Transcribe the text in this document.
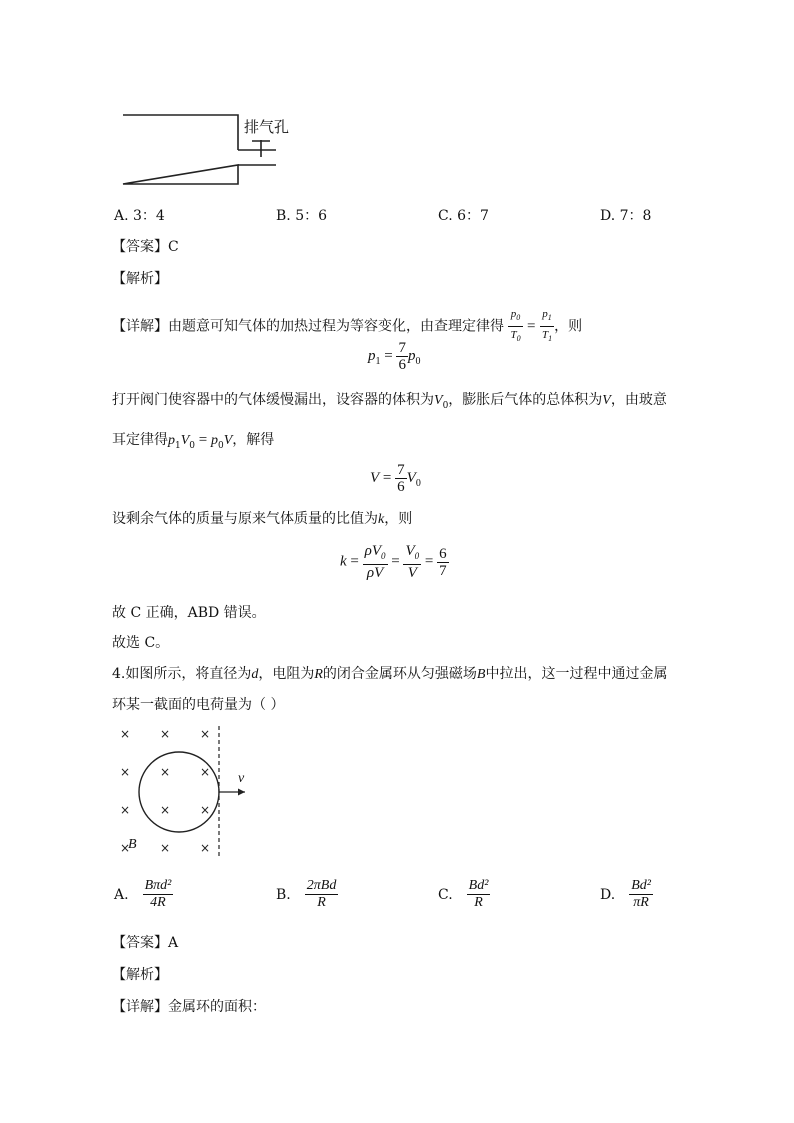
排气孔
A. 3：4	B. 5：6	C. 6：7	D. 7：8
【答案】C
【解析】
【详解】由题意可知气体的加热过程为等容变化，由查理定律得 $\frac{p_0}{T_0} = \frac{p_1}{T_1}$ ，则
$p_1 = \frac{7}{6} p_0$
打开阀门使容器中的气体缓慢漏出，设容器的体积为$V_0$，膨胀后气体的总体积为V，由玻意
耳定律得$p_1V_0 = p_0V$，解得
$V = \frac{7}{6} V_0$
设剩余气体的质量与原来气体质量的比值为k，则
$k = \frac{\rho V_0}{\rho V} = \frac{V_0}{V} = \frac{6}{7}$
故 C 正确，ABD 错误。
故选 C。
4.如图所示，将直径为d，电阻为R的闭合金属环从匀强磁场B中拉出，这一过程中通过金属
环某一截面的电荷量为（ ）
× × ×
× × ×
× × ×
× × ×
v
B
A. $\frac{\text{Bπd²}}{4R}$	B. $\frac{\text{2πBd}}{R}$	C. $\frac{\text{Bd²}}{R}$	D. $\frac{\text{Bd²}}{\pi R}$
【答案】A
【解析】
【详解】金属环的面积：
